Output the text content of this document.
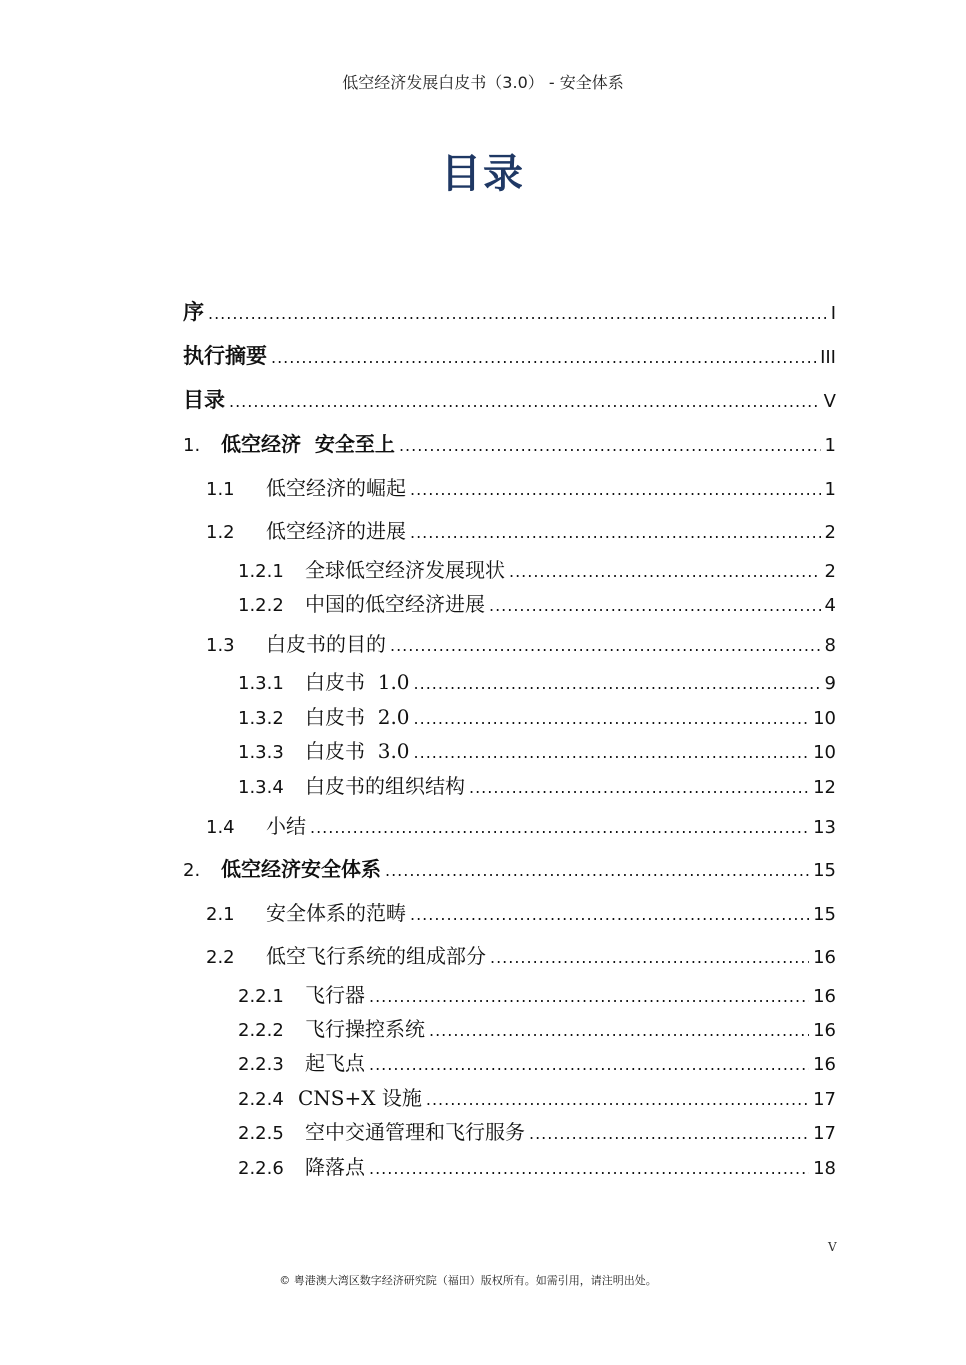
低空经济发展白皮书（3.0） - 安全体系
目录
序 .....	I
执行摘要 .....	III
目录 .....	V
1.	低空经济  安全至上 .....	1
1.1	低空经济的崛起 .....	1
1.2	低空经济的进展 .....	2
1.2.1	全球低空经济发展现状 .....	2
1.2.2	中国的低空经济进展 .....	4
1.3	白皮书的目的 .....	8
1.3.1	白皮书  1.0 .....	9
1.3.2	白皮书  2.0 .....	10
1.3.3	白皮书  3.0 .....	10
1.3.4	白皮书的组织结构 .....	12
1.4	小结 .....	13
2.	低空经济安全体系 .....	15
2.1	安全体系的范畴 .....	15
2.2	低空飞行系统的组成部分 .....	16
2.2.1	飞行器 .....	16
2.2.2	飞行操控系统 .....	16
2.2.3	起飞点 .....	16
2.2.4 CNS+X 设施 .....	17
2.2.5	空中交通管理和飞行服务 .....	17
2.2.6	降落点 .....	18
V
© 粤港澳大湾区数字经济研究院（福田）版权所有。如需引用，请注明出处。
